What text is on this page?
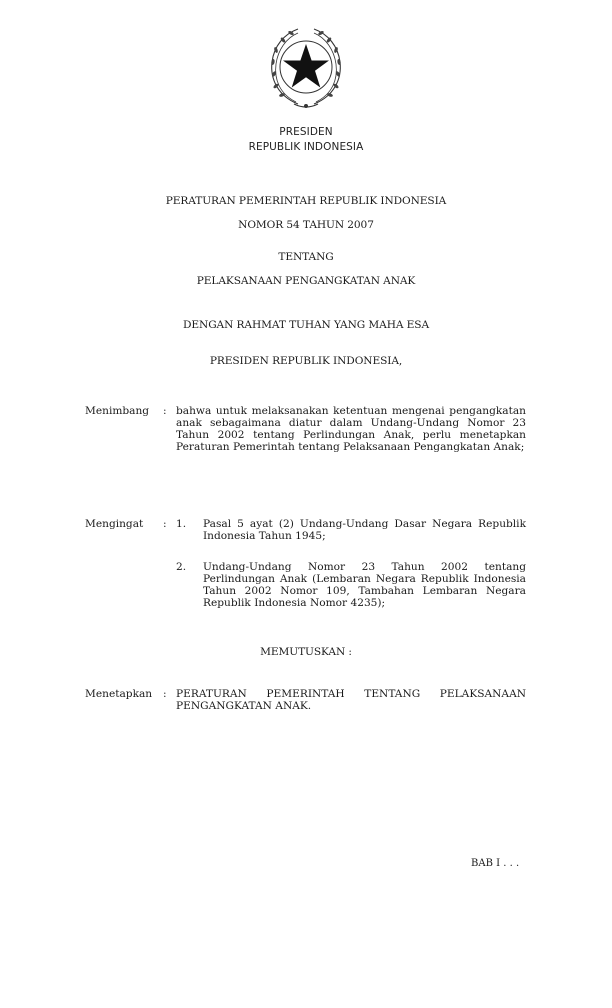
PRESIDEN
REPUBLIK INDONESIA
PERATURAN PEMERINTAH REPUBLIK INDONESIA
NOMOR 54 TAHUN 2007
TENTANG
PELAKSANAAN PENGANGKATAN ANAK
DENGAN RAHMAT TUHAN YANG MAHA ESA
PRESIDEN REPUBLIK INDONESIA,
Menimbang	: bahwa untuk melaksanakan ketentuan mengenai pengangkatan anak sebagaimana diatur dalam Undang-Undang Nomor 23 Tahun 2002 tentang Perlindungan Anak, perlu menetapkan Peraturan Pemerintah tentang Pelaksanaan Pengangkatan Anak;
Mengingat	: 1. Pasal 5 ayat (2) Undang-Undang Dasar Negara Republik Indonesia Tahun 1945;
2. Undang-Undang Nomor 23 Tahun 2002 tentang Perlindungan Anak (Lembaran Negara Republik Indonesia Tahun 2002 Nomor 109, Tambahan Lembaran Negara Republik Indonesia Nomor 4235);
MEMUTUSKAN :
Menetapkan	: PERATURAN PEMERINTAH TENTANG PELAKSANAAN PENGANGKATAN ANAK.
BAB I . . .
